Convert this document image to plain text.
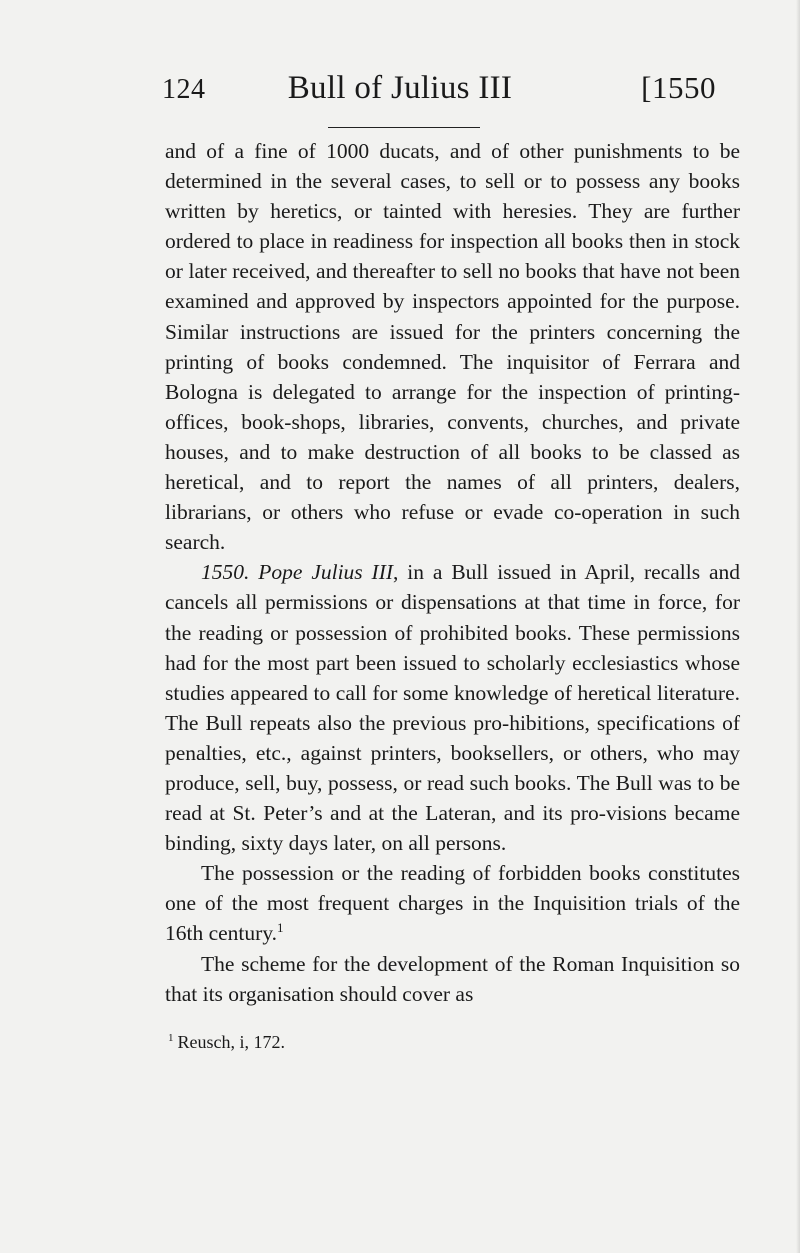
124	Bull of Julius III	[1550

and of a fine of 1000 ducats, and of other punishments to be determined in the several cases, to sell or to possess any books written by heretics, or tainted with heresies. They are further ordered to place in readiness for inspection all books then in stock or later received, and thereafter to sell no books that have not been examined and approved by inspectors appointed for the purpose. Similar instructions are issued for the printers concerning the printing of books condemned. The inquisitor of Ferrara and Bologna is delegated to arrange for the inspection of printing-offices, book-shops, libraries, convents, churches, and private houses, and to make destruction of all books to be classed as heretical, and to report the names of all printers, dealers, librarians, or others who refuse or evade co-operation in such search.

1550. Pope Julius III, in a Bull issued in April, recalls and cancels all permissions or dispensations at that time in force, for the reading or possession of prohibited books. These permissions had for the most part been issued to scholarly ecclesiastics whose studies appeared to call for some knowledge of heretical literature. The Bull repeats also the previous pro-hibitions, specifications of penalties, etc., against printers, booksellers, or others, who may produce, sell, buy, possess, or read such books. The Bull was to be read at St. Peter’s and at the Lateran, and its pro-visions became binding, sixty days later, on all persons.

The possession or the reading of forbidden books constitutes one of the most frequent charges in the Inquisition trials of the 16th century.$^1$

The scheme for the development of the Roman Inquisition so that its organisation should cover as

$^1$ Reusch, i, 172.
